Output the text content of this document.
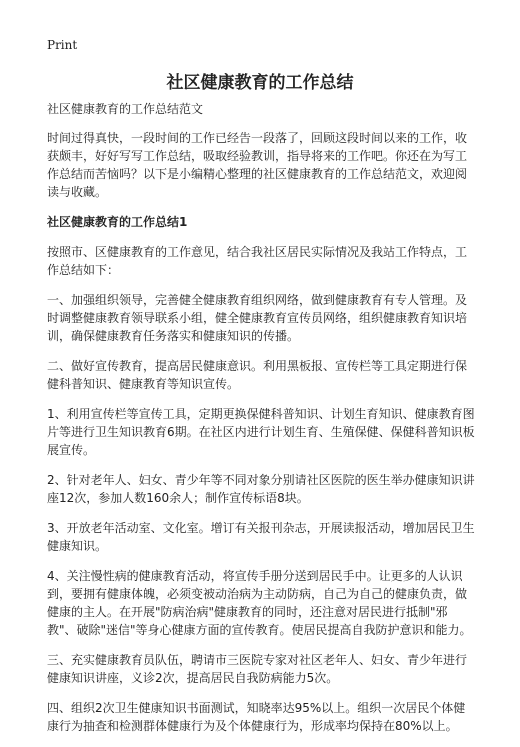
Print
社区健康教育的工作总结

社区健康教育的工作总结范文

时间过得真快，一段时间的工作已经告一段落了，回顾这段时间以来的工作，收获颇丰，好好写写工作总结，吸取经验教训，指导将来的工作吧。你还在为写工作总结而苦恼吗？以下是小编精心整理的社区健康教育的工作总结范文，欢迎阅读与收藏。

社区健康教育的工作总结1

按照市、区健康教育的工作意见，结合我社区居民实际情况及我站工作特点，工作总结如下：

一、加强组织领导，完善健全健康教育组织网络，做到健康教育有专人管理。及时调整健康教育领导联系小组，健全健康教育宣传员网络，组织健康教育知识培训，确保健康教育任务落实和健康知识的传播。

二、做好宣传教育，提高居民健康意识。利用黑板报、宣传栏等工具定期进行保健科普知识、健康教育等知识宣传。

1、利用宣传栏等宣传工具，定期更换保健科普知识、计划生育知识、健康教育图片等进行卫生知识教育6期。在社区内进行计划生育、生殖保健、保健科普知识板展宣传。

2、针对老年人、妇女、青少年等不同对象分别请社区医院的医生举办健康知识讲座12次，参加人数160余人；制作宣传标语8块。

3、开放老年活动室、文化室。增订有关报刊杂志，开展读报活动，增加居民卫生健康知识。

4、关注慢性病的健康教育活动，将宣传手册分送到居民手中。让更多的人认识到，要拥有健康体魄，必须变被动治病为主动防病，自己为自己的健康负责，做健康的主人。在开展"防病治病"健康教育的同时，还注意对居民进行抵制"邪教"、破除"迷信"等身心健康方面的宣传教育。使居民提高自我防护意识和能力。

三、充实健康教育员队伍，聘请市三医院专家对社区老年人、妇女、青少年进行健康知识讲座，义诊2次，提高居民自我防病能力5次。

四、组织2次卫生健康知识书面测试，知晓率达95%以上。组织一次居民个体健康行为抽查和检测群体健康行为及个体健康行为，形成率均保持在80%以上。
